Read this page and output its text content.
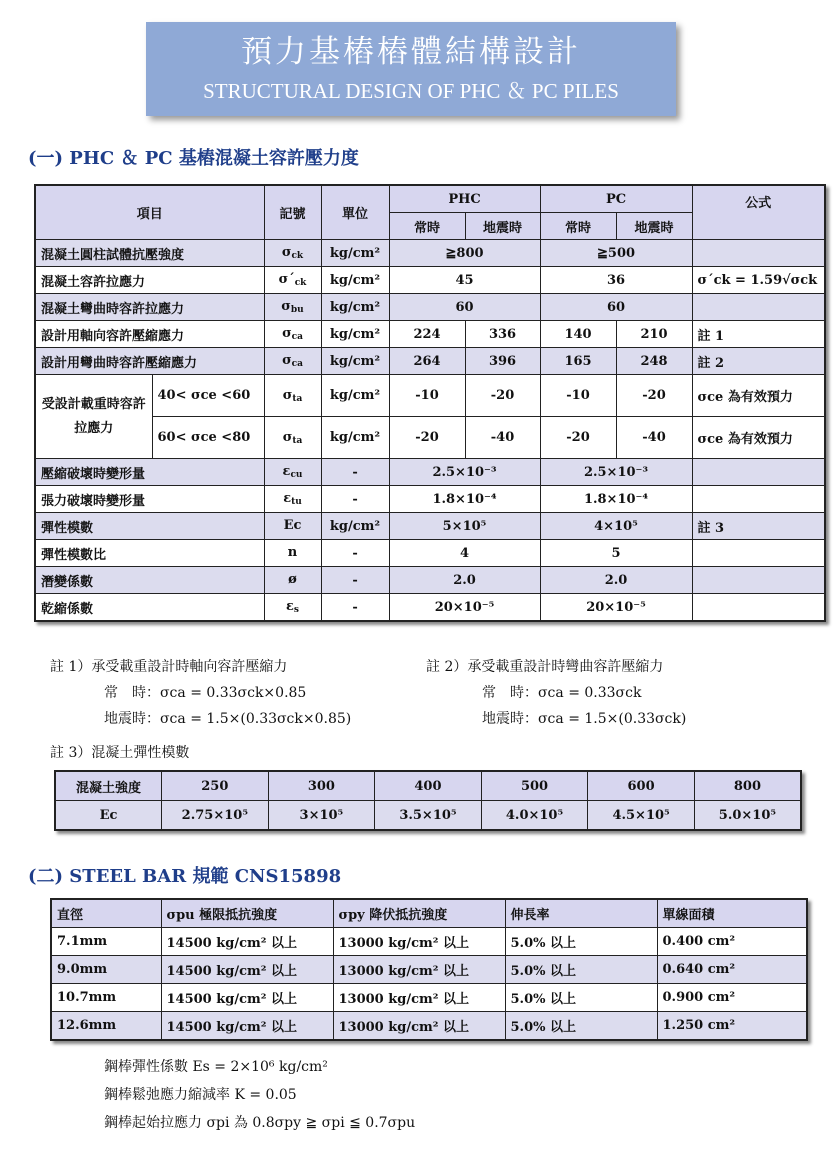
預力基樁樁體結構設計
STRUCTURAL DESIGN OF PHC ＆ PC PILES
(一) PHC ＆ PC 基樁混凝土容許壓力度
項目		記號	單位	PHC		PC		公式
				常時	地震時	常時	地震時	
混凝土圓柱試體抗壓強度		$\sigma_{ck}$	kg/cm²	≧800		≧500		
混凝土容許拉應力		$\sigma´_{ck}$	kg/cm²	45		36		σ´ck = 1.59√σck
混凝土彎曲時容許拉應力		$\sigma_{bu}$	kg/cm²	60		60		
設計用軸向容許壓縮應力		$\sigma_{ca}$	kg/cm²	224	336	140	210	註 1
設計用彎曲時容許壓縮應力		$\sigma_{ca}$	kg/cm²	264	396	165	248	註 2
受設計載重時容許拉應力	40< σce <60	$\sigma_{ta}$	kg/cm²	-10	-20	-10	-20	σce 為有效預力
	60< σce <80	$\sigma_{ta}$	kg/cm²	-20	-40	-20	-40	σce 為有效預力
壓縮破壞時變形量		$\varepsilon_{cu}$	-	2.5×10⁻³		2.5×10⁻³		
張力破壞時變形量		$\varepsilon_{tu}$	-	1.8×10⁻⁴		1.8×10⁻⁴		
彈性模數		Ec	kg/cm²	5×10⁵		4×10⁵		註 3
彈性模數比		n	-	4		5		
潛變係數		ø	-	2.0		2.0		
乾縮係數		$\varepsilon_s$	-	20×10⁻⁵		20×10⁻⁵		
註 1）承受載重設計時軸向容許壓縮力
常　時：σca = 0.33σck×0.85
地震時：σca = 1.5×(0.33σck×0.85)
註 2）承受載重設計時彎曲容許壓縮力
常　時：σca = 0.33σck
地震時：σca = 1.5×(0.33σck)
註 3）混凝土彈性模數
混凝土強度	250	300	400	500	600	800
Ec	2.75×10⁵	3×10⁵	3.5×10⁵	4.0×10⁵	4.5×10⁵	5.0×10⁵
(二) STEEL BAR 規範 CNS15898
直徑	σpu 極限抵抗強度	σpy 降伏抵抗強度	伸長率	單線面積
7.1mm	14500 kg/cm² 以上	13000 kg/cm² 以上	5.0% 以上	0.400 cm²
9.0mm	14500 kg/cm² 以上	13000 kg/cm² 以上	5.0% 以上	0.640 cm²
10.7mm	14500 kg/cm² 以上	13000 kg/cm² 以上	5.0% 以上	0.900 cm²
12.6mm	14500 kg/cm² 以上	13000 kg/cm² 以上	5.0% 以上	1.250 cm²
鋼棒彈性係數 Es = 2×10⁶ kg/cm²
鋼棒鬆弛應力縮減率 K = 0.05
鋼棒起始拉應力 σpi 為 0.8σpy ≧ σpi ≦ 0.7σpu
